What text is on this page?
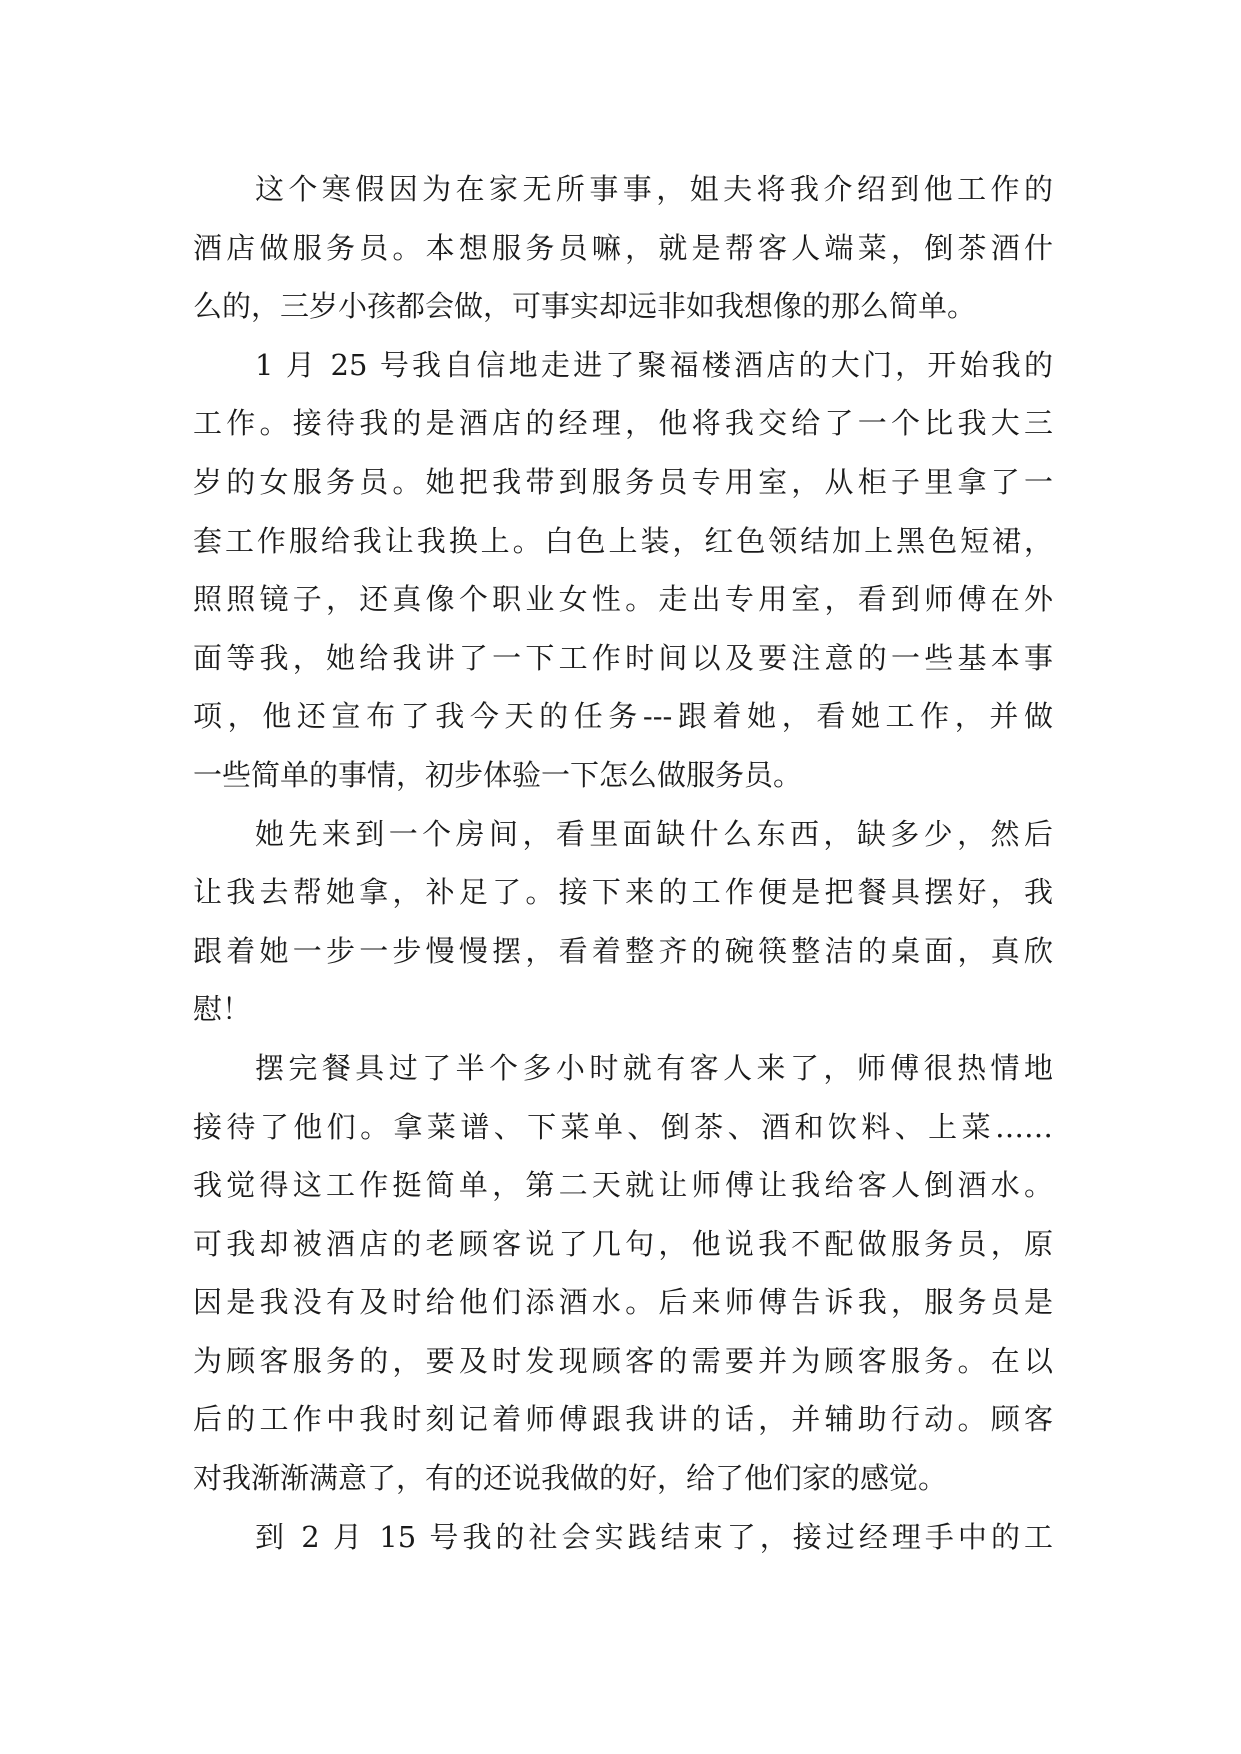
这个寒假因为在家无所事事，姐夫将我介绍到他工作的
酒店做服务员。本想服务员嘛，就是帮客人端菜，倒茶酒什
么的，三岁小孩都会做，可事实却远非如我想像的那么简单。
1 月 25 号我自信地走进了聚福楼酒店的大门，开始我的
工作。接待我的是酒店的经理，他将我交给了一个比我大三
岁的女服务员。她把我带到服务员专用室，从柜子里拿了一
套工作服给我让我换上。白色上装，红色领结加上黑色短裙，
照照镜子，还真像个职业女性。走出专用室，看到师傅在外
面等我，她给我讲了一下工作时间以及要注意的一些基本事
项，他还宣布了我今天的任务---跟着她，看她工作，并做
一些简单的事情，初步体验一下怎么做服务员。
她先来到一个房间，看里面缺什么东西，缺多少，然后
让我去帮她拿，补足了。接下来的工作便是把餐具摆好，我
跟着她一步一步慢慢摆，看着整齐的碗筷整洁的桌面，真欣
慰！
摆完餐具过了半个多小时就有客人来了，师傅很热情地
接待了他们。拿菜谱、下菜单、倒茶、酒和饮料、上菜……
我觉得这工作挺简单，第二天就让师傅让我给客人倒酒水。
可我却被酒店的老顾客说了几句，他说我不配做服务员，原
因是我没有及时给他们添酒水。后来师傅告诉我，服务员是
为顾客服务的，要及时发现顾客的需要并为顾客服务。在以
后的工作中我时刻记着师傅跟我讲的话，并辅助行动。顾客
对我渐渐满意了，有的还说我做的好，给了他们家的感觉。
到 2 月 15 号我的社会实践结束了，接过经理手中的工
